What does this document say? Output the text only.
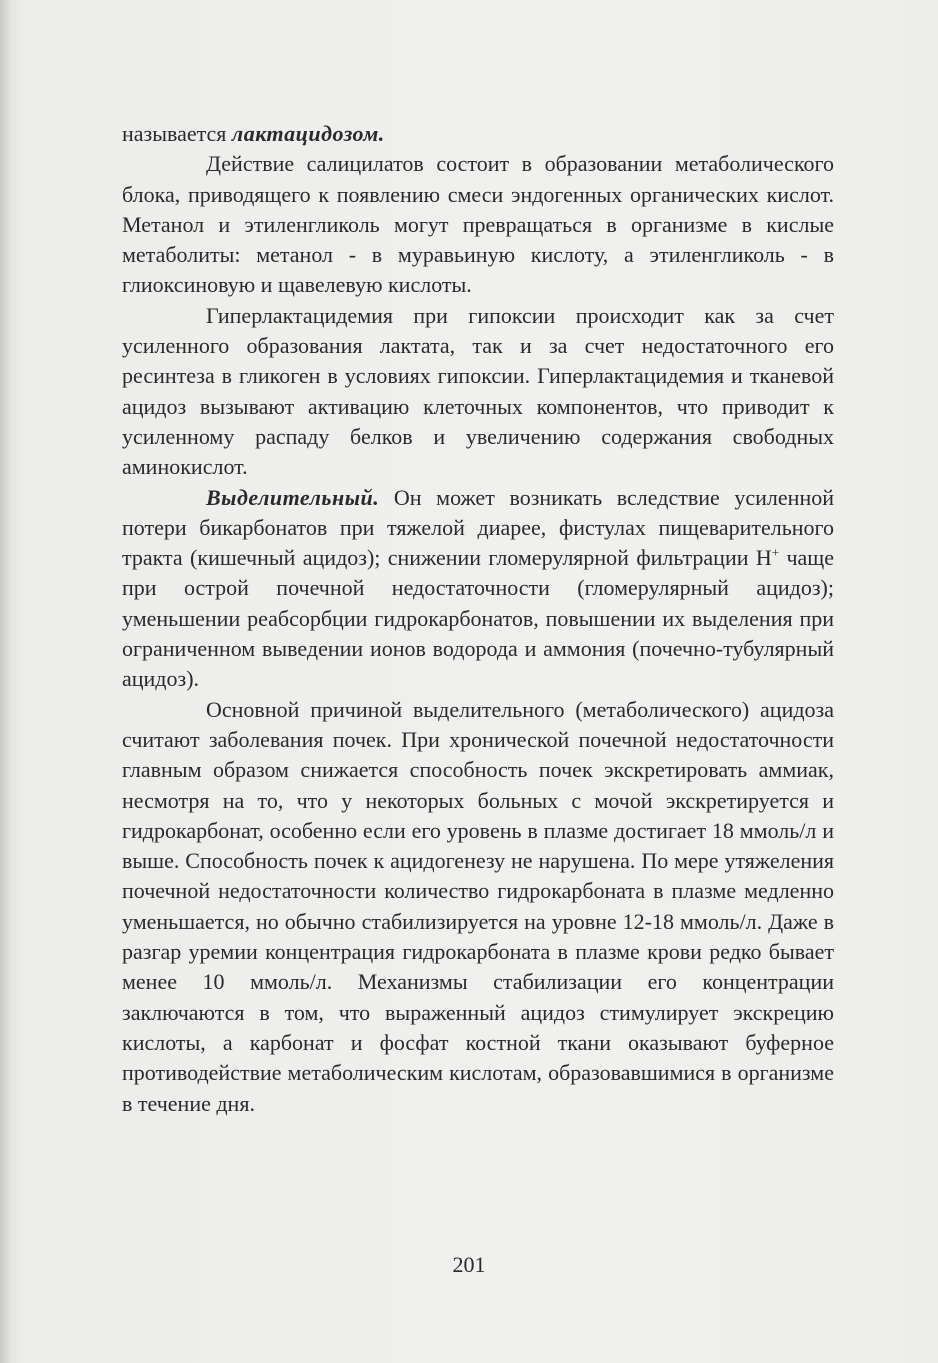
называется лактацидозом.

Действие салицилатов состоит в образовании метаболического блока, приводящего к появлению смеси эндогенных органических кислот. Метанол и этиленгликоль могут превращаться в организме в кислые метаболиты: метанол - в муравьиную кислоту, а этиленгликоль - в глиоксиновую и щавелевую кислоты.

Гиперлактацидемия при гипоксии происходит как за счет усиленного образования лактата, так и за счет недостаточного его ресинтеза в гликоген в условиях гипоксии. Гиперлактацидемия и тканевой ацидоз вызывают активацию клеточных компонентов, что приводит к усиленному распаду белков и увеличению содержания свободных аминокислот.

Выделительный. Он может возникать вследствие усиленной потери бикарбонатов при тяжелой диарее, фистулах пищеварительного тракта (кишечный ацидоз); снижении гломерулярной фильтрации Н+ чаще при острой почечной недостаточности (гломерулярный ацидоз); уменьшении реабсорбции гидрокарбонатов, повышении их выделения при ограниченном выведении ионов водорода и аммония (почечно-тубулярный ацидоз).

Основной причиной выделительного (метаболического) ацидоза считают заболевания почек. При хронической почечной недостаточности главным образом снижается способность почек экскретировать аммиак, несмотря на то, что у некоторых больных с мочой экскретируется и гидрокарбонат, особенно если его уровень в плазме достигает 18 ммоль/л и выше. Способность почек к ацидогенезу не нарушена. По мере утяжеления почечной недостаточности количество гидрокарбоната в плазме медленно уменьшается, но обычно стабилизируется на уровне 12-18 ммоль/л. Даже в разгар уремии концентрация гидрокарбоната в плазме крови редко бывает менее 10 ммоль/л. Механизмы стабилизации его концентрации заключаются в том, что выраженный ацидоз стимулирует экскрецию кислоты, а карбонат и фосфат костной ткани оказывают буферное противодействие метаболическим кислотам, образовавшимися в организме в течение дня.

201
